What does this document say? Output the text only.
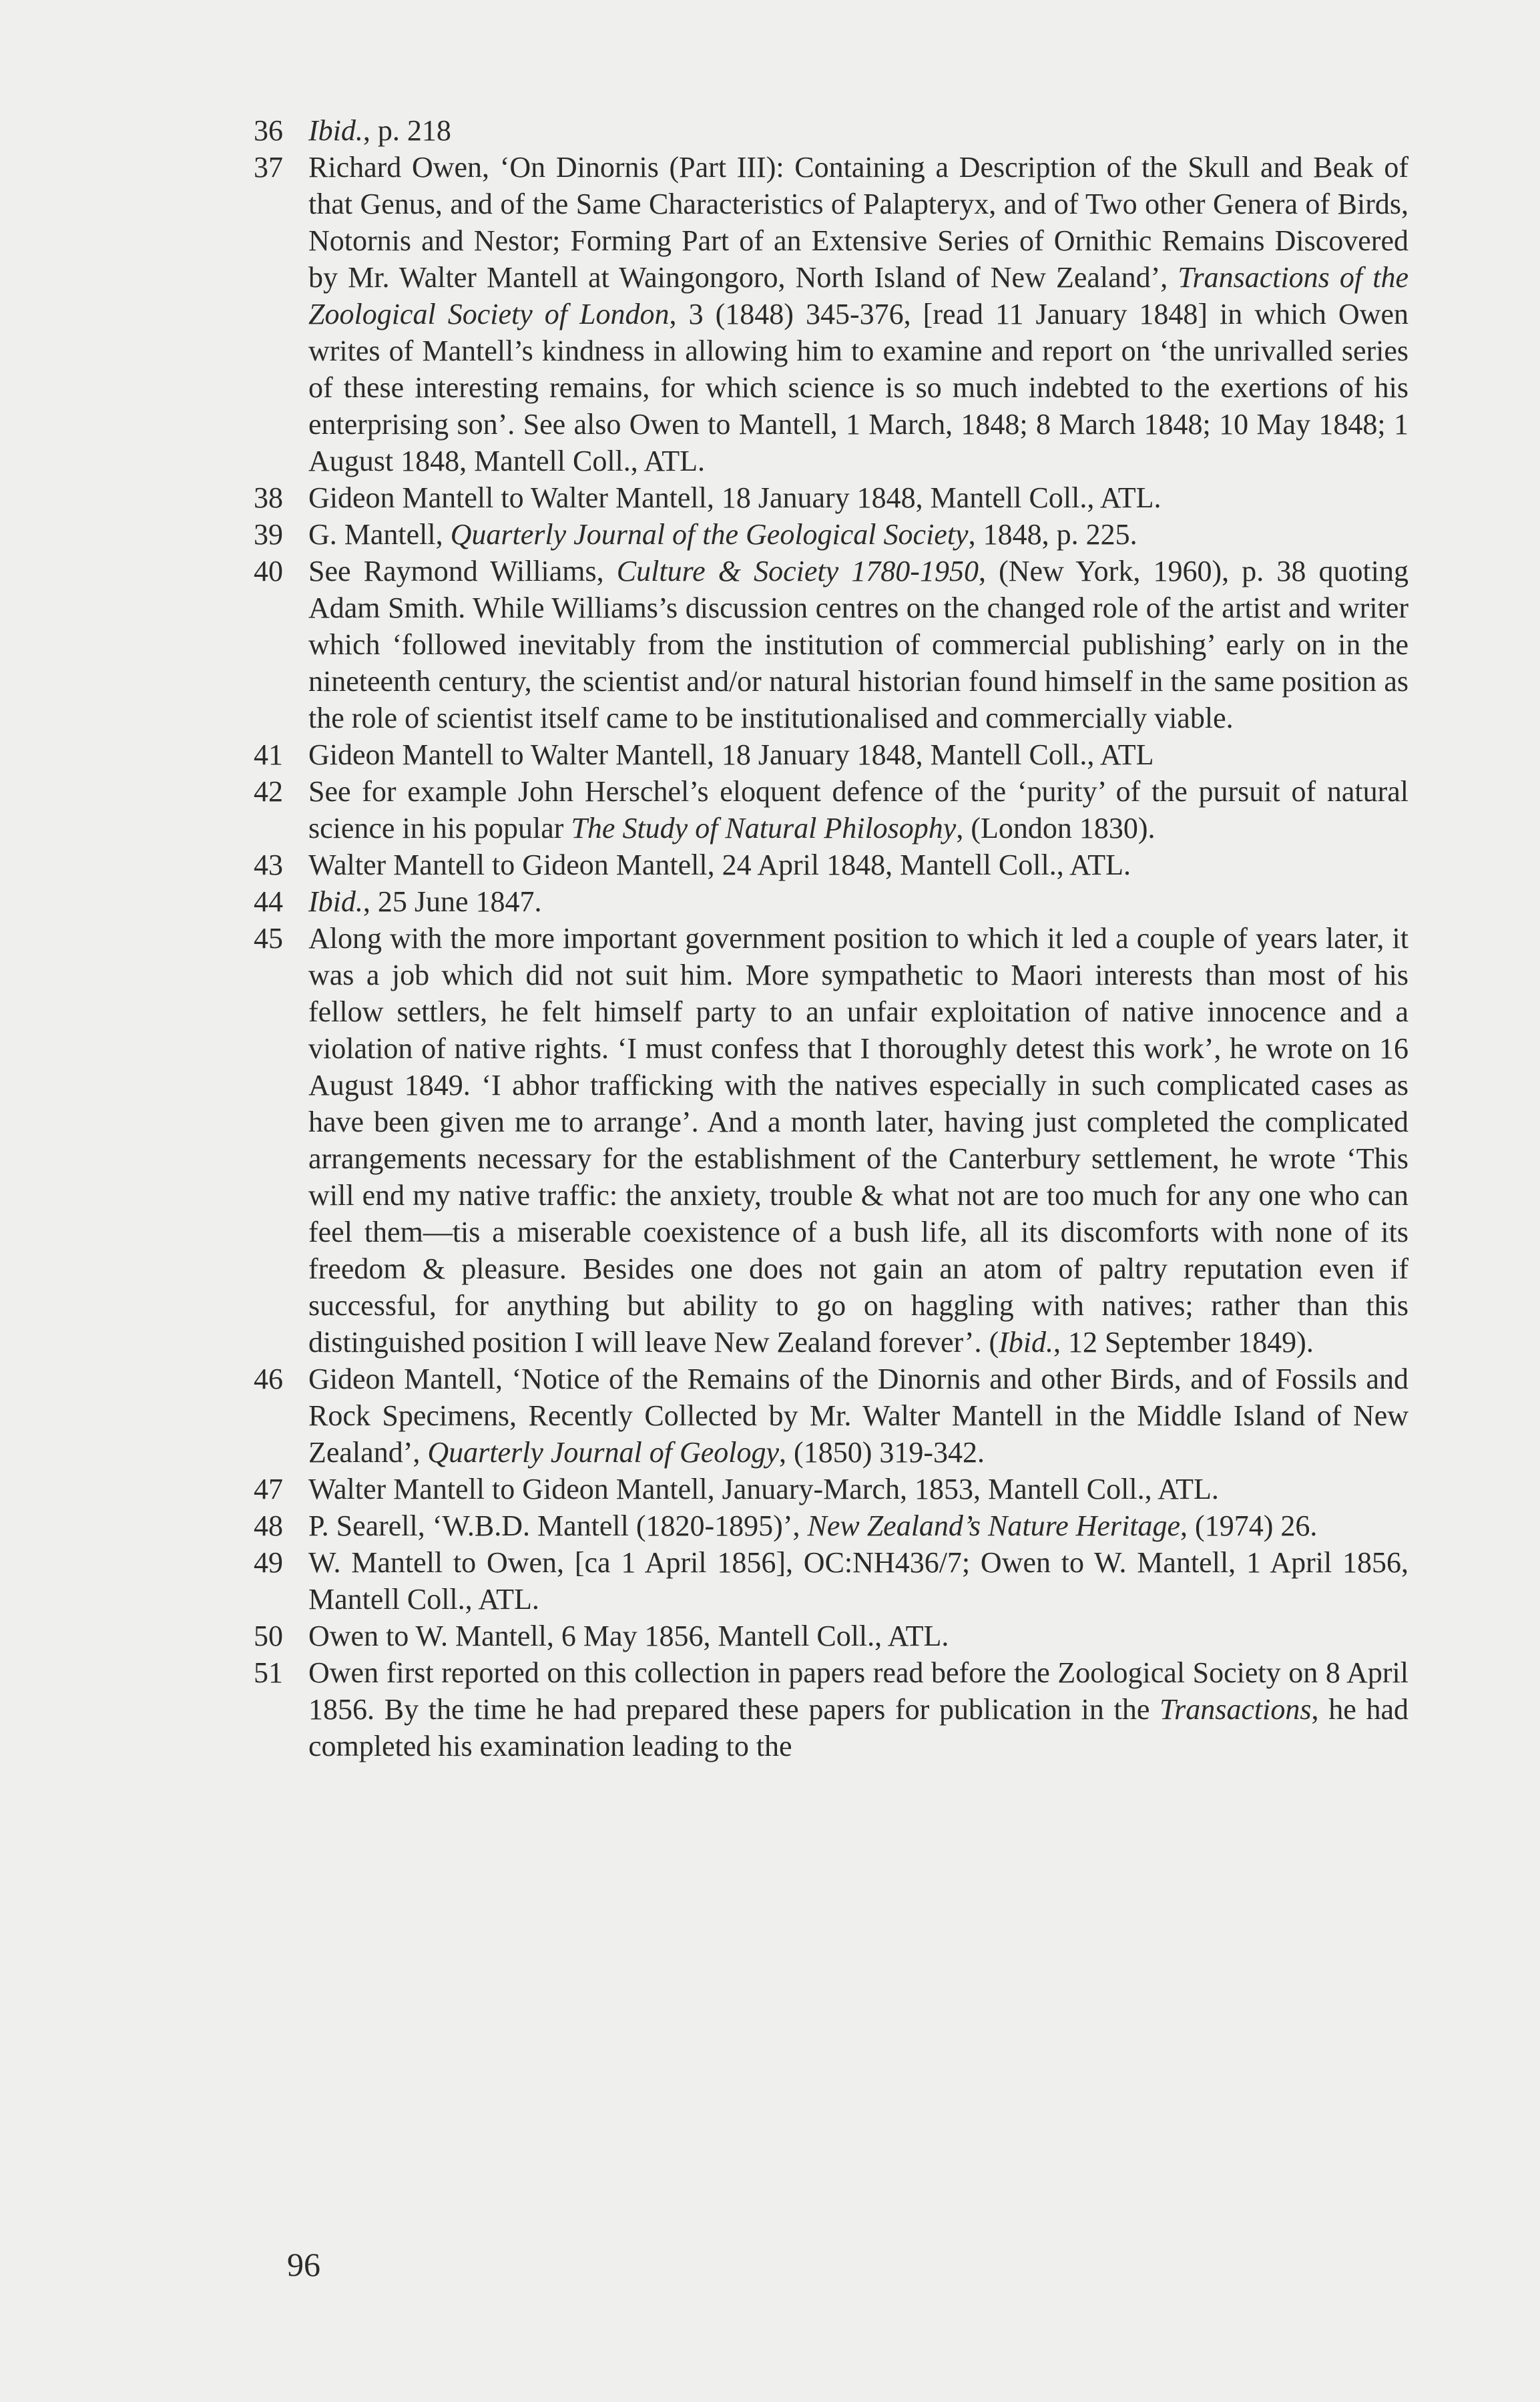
36 Ibid., p. 218
37 Richard Owen, ‘On Dinornis (Part III): Containing a Description of the Skull and Beak of that Genus, and of the Same Characteristics of Palapteryx, and of Two other Genera of Birds, Notornis and Nestor; Forming Part of an Extensive Series of Ornithic Remains Discovered by Mr. Walter Mantell at Waingongoro, North Island of New Zealand’, Transactions of the Zoological Society of London, 3 (1848) 345-376, [read 11 January 1848] in which Owen writes of Mantell’s kindness in allowing him to examine and report on ‘the unrivalled series of these interesting remains, for which science is so much indebted to the exertions of his enterprising son’. See also Owen to Mantell, 1 March, 1848; 8 March 1848; 10 May 1848; 1 August 1848, Mantell Coll., ATL.
38 Gideon Mantell to Walter Mantell, 18 January 1848, Mantell Coll., ATL.
39 G. Mantell, Quarterly Journal of the Geological Society, 1848, p. 225.
40 See Raymond Williams, Culture & Society 1780-1950, (New York, 1960), p. 38 quoting Adam Smith. While Williams’s discussion centres on the changed role of the artist and writer which ‘followed inevitably from the institution of commercial publishing’ early on in the nineteenth century, the scientist and/or natural historian found himself in the same position as the role of scientist itself came to be institutionalised and commercially viable.
41 Gideon Mantell to Walter Mantell, 18 January 1848, Mantell Coll., ATL
42 See for example John Herschel’s eloquent defence of the ‘purity’ of the pursuit of natural science in his popular The Study of Natural Philosophy, (London 1830).
43 Walter Mantell to Gideon Mantell, 24 April 1848, Mantell Coll., ATL.
44 Ibid., 25 June 1847.
45 Along with the more important government position to which it led a couple of years later, it was a job which did not suit him. More sympathetic to Maori interests than most of his fellow settlers, he felt himself party to an unfair exploitation of native innocence and a violation of native rights. ‘I must confess that I thoroughly detest this work’, he wrote on 16 August 1849. ‘I abhor trafficking with the natives especially in such complicated cases as have been given me to arrange’. And a month later, having just completed the complicated arrangements necessary for the establishment of the Canterbury settlement, he wrote ‘This will end my native traffic: the anxiety, trouble & what not are too much for any one who can feel them—tis a miserable coexistence of a bush life, all its discomforts with none of its freedom & pleasure. Besides one does not gain an atom of paltry reputation even if successful, for anything but ability to go on haggling with natives; rather than this distinguished position I will leave New Zealand forever’. (Ibid., 12 September 1849).
46 Gideon Mantell, ‘Notice of the Remains of the Dinornis and other Birds, and of Fossils and Rock Specimens, Recently Collected by Mr. Walter Mantell in the Middle Island of New Zealand’, Quarterly Journal of Geology, (1850) 319-342.
47 Walter Mantell to Gideon Mantell, January-March, 1853, Mantell Coll., ATL.
48 P. Searell, ‘W.B.D. Mantell (1820-1895)’, New Zealand’s Nature Heritage, (1974) 26.
49 W. Mantell to Owen, [ca 1 April 1856], OC:NH436/7; Owen to W. Mantell, 1 April 1856, Mantell Coll., ATL.
50 Owen to W. Mantell, 6 May 1856, Mantell Coll., ATL.
51 Owen first reported on this collection in papers read before the Zoological Society on 8 April 1856. By the time he had prepared these papers for publication in the Transactions, he had completed his examination leading to the
96
